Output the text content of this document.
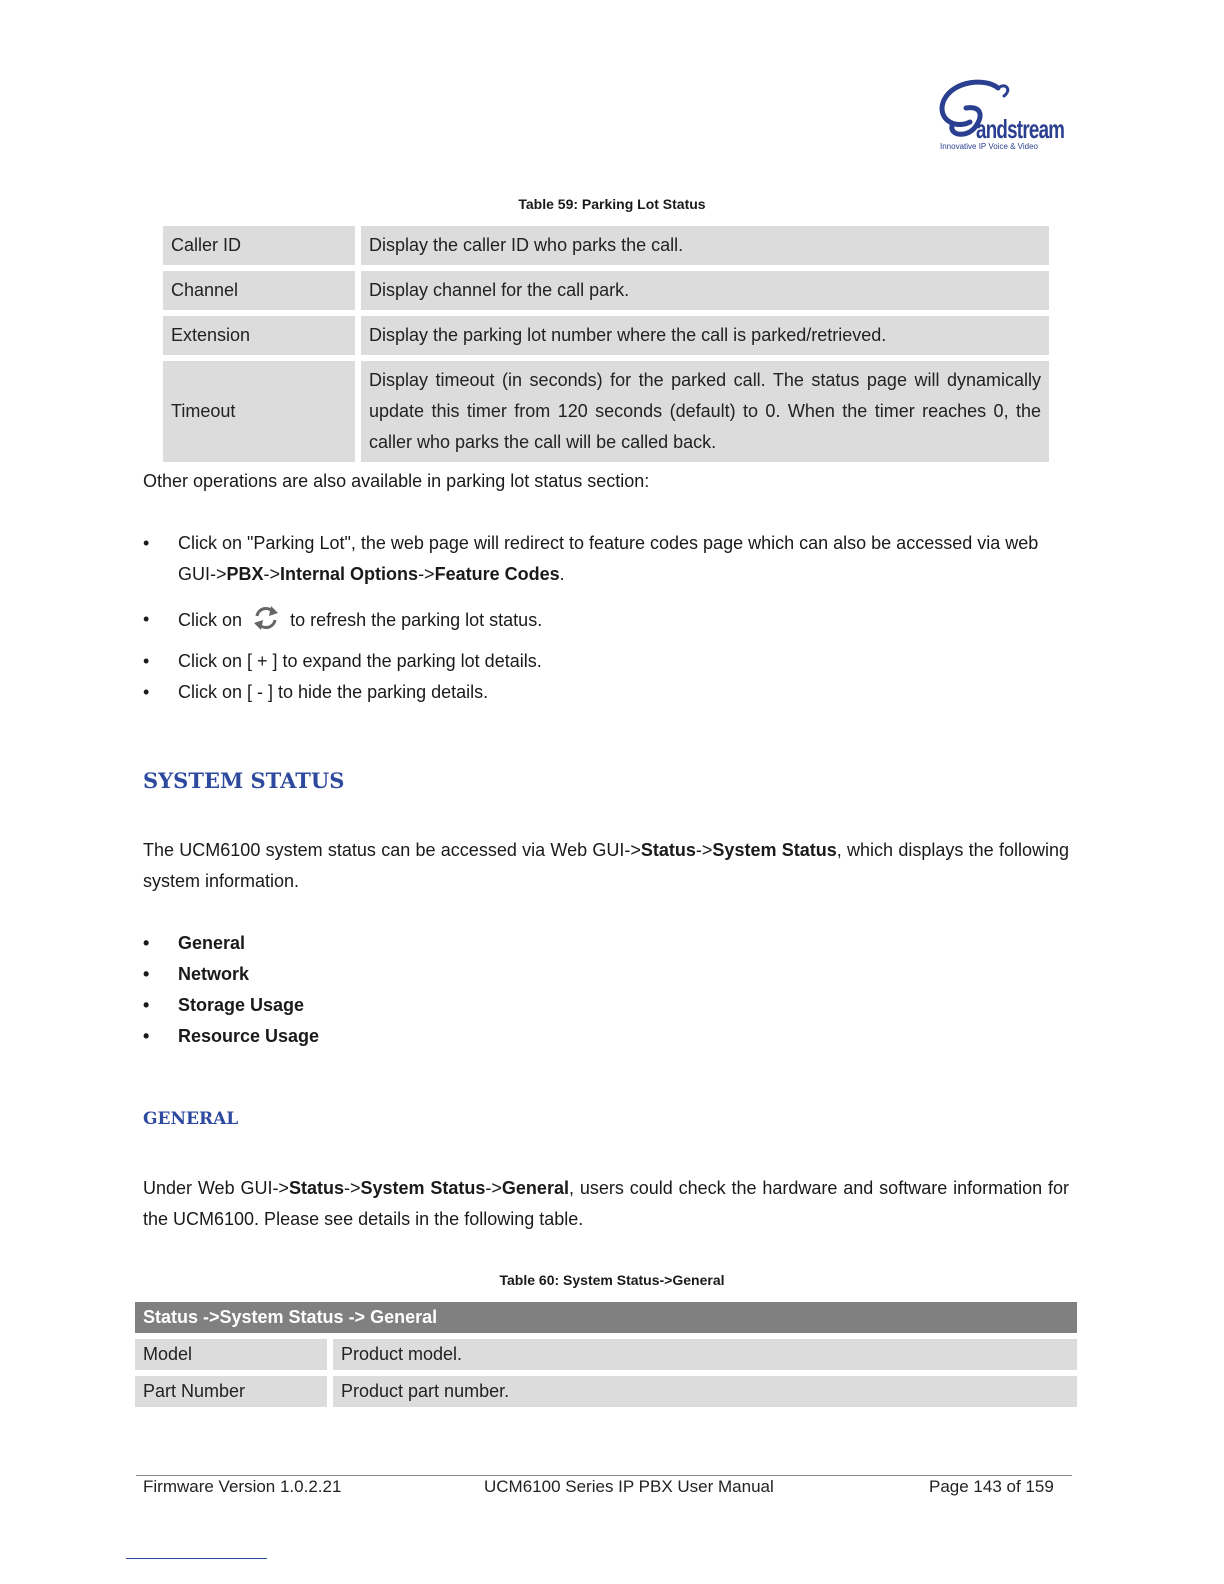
andstream
Innovative IP Voice & Video
Table 59: Parking Lot Status
Caller ID	Display the caller ID who parks the call.
Channel	Display channel for the call park.
Extension	Display the parking lot number where the call is parked/retrieved.
Timeout	Display timeout (in seconds) for the parked call. The status page will dynamically update this timer from 120 seconds (default) to 0. When the timer reaches 0, the caller who parks the call will be called back.
Other operations are also available in parking lot status section:
• Click on "Parking Lot", the web page will redirect to feature codes page which can also be accessed via web GUI->PBX->Internal Options->Feature Codes.
• Click on	to refresh the parking lot status.
• Click on [ + ] to expand the parking lot details.
• Click on [ - ] to hide the parking details.
SYSTEM STATUS
The UCM6100 system status can be accessed via Web GUI->Status->System Status, which displays the following system information.
• General
• Network
• Storage Usage
• Resource Usage
GENERAL
Under Web GUI->Status->System Status->General, users could check the hardware and software information for the UCM6100. Please see details in the following table.
Table 60: System Status->General
Status ->System Status -> General	
Model	Product model.
Part Number	Product part number.
Firmware Version 1.0.2.21	UCM6100 Series IP PBX User Manual	Page 143 of 159
